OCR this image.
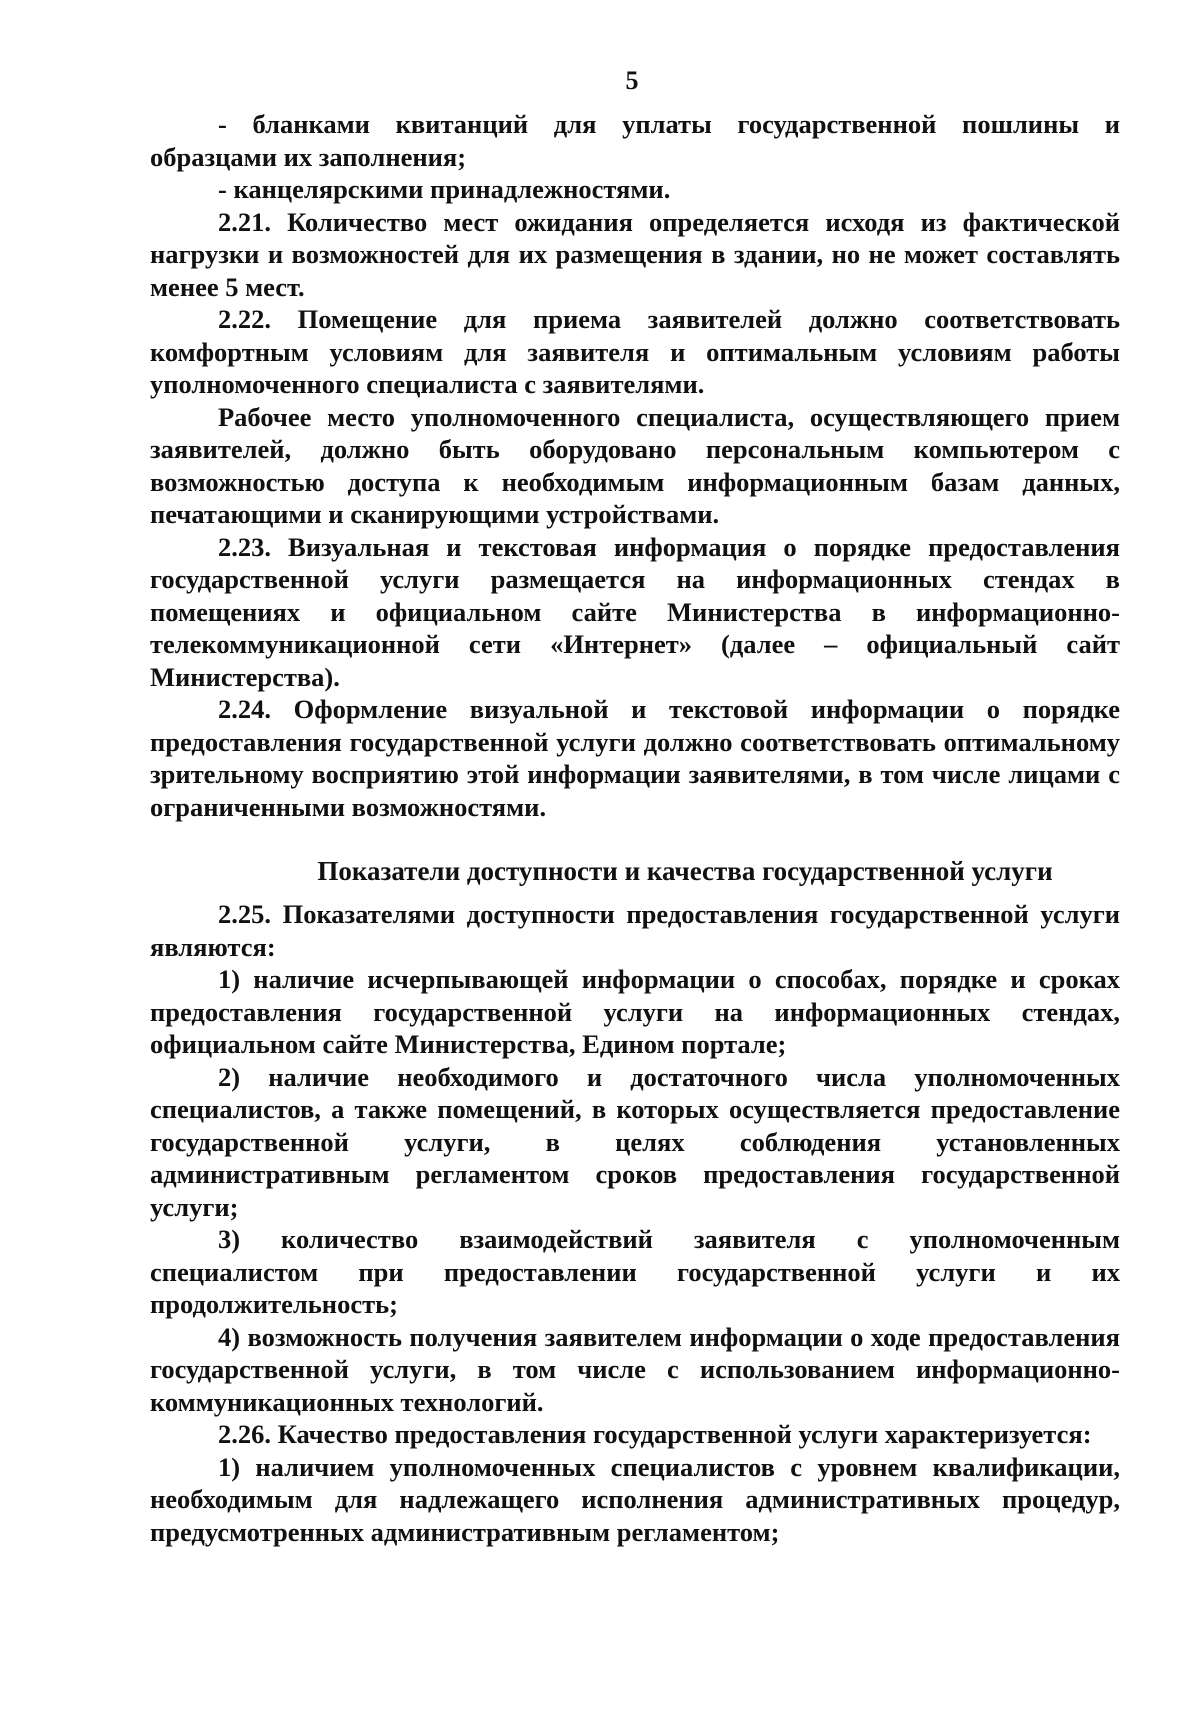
5

- бланками квитанций для уплаты государственной пошлины и образцами их заполнения;

- канцелярскими принадлежностями.

2.21. Количество мест ожидания определяется исходя из фактической нагрузки и возможностей для их размещения в здании, но не может составлять менее 5 мест.

2.22. Помещение для приема заявителей должно соответствовать комфортным условиям для заявителя и оптимальным условиям работы уполномоченного специалиста с заявителями.

Рабочее место уполномоченного специалиста, осуществляющего прием заявителей, должно быть оборудовано персональным компьютером с возможностью доступа к необходимым информационным базам данных, печатающими и сканирующими устройствами.

2.23. Визуальная и текстовая информация о порядке предоставления государственной услуги размещается на информационных стендах в помещениях и официальном сайте Министерства в информационно-телекоммуникационной сети «Интернет» (далее – официальный сайт Министерства).

2.24. Оформление визуальной и текстовой информации о порядке предоставления государственной услуги должно соответствовать оптимальному зрительному восприятию этой информации заявителями, в том числе лицами с ограниченными возможностями.

Показатели доступности и качества государственной услуги

2.25. Показателями доступности предоставления государственной услуги являются:

1) наличие исчерпывающей информации о способах, порядке и сроках предоставления государственной услуги на информационных стендах, официальном сайте Министерства, Едином портале;

2) наличие необходимого и достаточного числа уполномоченных специалистов, а также помещений, в которых осуществляется предоставление государственной услуги, в целях соблюдения установленных административным регламентом сроков предоставления государственной услуги;

3) количество взаимодействий заявителя с уполномоченным специалистом при предоставлении государственной услуги и их продолжительность;

4) возможность получения заявителем информации о ходе предоставления государственной услуги, в том числе с использованием информационно-коммуникационных технологий.

2.26. Качество предоставления государственной услуги характеризуется:

1) наличием уполномоченных специалистов с уровнем квалификации, необходимым для надлежащего исполнения административных процедур, предусмотренных административным регламентом;
